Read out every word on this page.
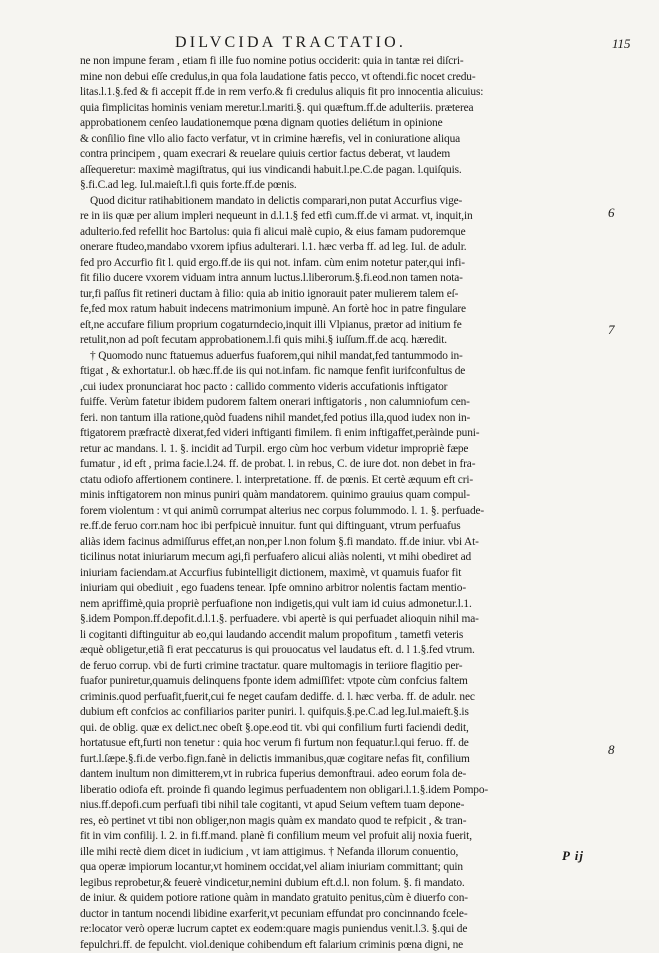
DILVCIDA TRACTATIO.	115
ne non impune feram , etiam fi ille fuo nomine potius occiderit: quia in tantæ rei diſcri-
mine non debui eſſe credulus,in qua fola laudatione fatis pecco, vt oftendi.fic nocet credu-
litas.l.1.§.fed & fi accepit ff.de in rem verfo.& fi credulus aliquis fit pro innocentia alicuius:
quia fimplicitas hominis veniam meretur.l.mariti.§. qui quæftum.ff.de adulteriis. præterea
approbationem cenſeo laudationemque pœna dignam quoties deliétum in opinione
& conſilio fine vllo alio facto verfatur, vt in crimine hærefis, vel in coniuratione aliqua
contra principem , quam execrari & reuelare quiuis certior factus deberat, vt laudem
aſſequeretur: maximè magiſtratus, qui ius vindicandi habuit.l.pe.C.de pagan. l.quiſquis.
§.fi.C.ad leg. Iul.maieſt.l.fi quis forte.ff.de pœnis.
Quod dicitur ratihabitionem mandato in delictis comparari,non putat Accurfius vige-
re in iis quæ per alium impleri nequeunt in d.l.1.§ fed etfi cum.ff.de vi armat. vt, inquit,in
adulterio.fed refellit hoc Bartolus: quia fi alicui malè cupio, & eius famam pudoremque
onerare ftudeo,mandabo vxorem ipfius adulterari. l.1. hæc verba ff. ad leg. Iul. de adulr.
fed pro Accurfio fit l. quid ergo.ff.de iis qui not. infam. cùm enim notetur pater,qui infi-
fit filio ducere vxorem viduam intra annum luctus.l.liberorum.§.fi.eod.non tamen nota-
tur,fi paſſus fit retineri ductam à filio: quia ab initio ignorauit pater mulierem talem eſ-
fe,fed mox ratum habuit indecens matrimonium impunè. An fortè hoc in patre fingulare
eſt,ne accufare filium proprium cogaturndecio,inquit illi Vlpianus, prætor ad initium fe
retulit,non ad poſt fecutam approbationem.l.fi quis mihi.§ iuſſum.ff.de acq. hæredit.
† Quomodo nunc ftatuemus aduerfus fuaforem,qui nihil mandat,fed tantummodo in-
ftigat , & exhortatur.l. ob hæc.ff.de iis qui not.infam. fic namque fenfit iurifconfultus de
,cui iudex pronunciarat hoc pacto : callido commento videris accufationis inftigator
fuiffe. Verùm fatetur ibidem pudorem faltem onerari inftigatoris , non calumniofum cen-
feri. non tantum illa ratione,quòd fuadens nihil mandet,fed potius illa,quod iudex non in-
ftigatorem præfractè dixerat,fed videri inftiganti fimilem. fi enim inftigaffet,peràinde puni-
retur ac mandans. l. 1. §. incidit ad Turpil. ergo cùm hoc verbum videtur impropriè fæpe
fumatur , id eft , prima facie.l.24. ff. de probat. l. in rebus, C. de iure dot. non debet in fra-
ctatu odiofo affertionem continere. l. interpretatione. ff. de pœnis. Et certè æquum eft cri-
minis inftigatorem non minus puniri quàm mandatorem. quinimo grauius quam compul-
forem violentum : vt qui animũ corrumpat alterius nec corpus folummodo. l. 1. §. perfuade-
re.ff.de feruo corr.nam hoc ibi perfpicuè innuitur. funt qui diftinguant, vtrum perfuafus
aliàs idem facinus admiſſurus effet,an non,per l.non folum §.fi mandato. ff.de iniur. vbi At-
ticilinus notat iniuriarum mecum agi,fi perfuafero alicui aliàs nolenti, vt mihi obediret ad
iniuriam faciendam.at Accurfius fubintelligit dictionem, maximè, vt quamuis fuafor fit
iniuriam qui obediuit , ego fuadens tenear. Ipfe omnino arbitror nolentis factam mentio-
nem apriffimè,quia propriè perfuafione non indigetis,qui vult iam id cuius admonetur.l.1.
§.idem Pompon.ff.depofit.d.l.1.§. perfuadere. vbi apertè is qui perfuadet alioquin nihil ma-
li cogitanti diftinguitur ab eo,qui laudando accendit malum propofitum , tametfi veteris
æquè obligetur,etiã fi erat peccaturus is qui prouocatus vel laudatus eft. d. l 1.§.fed vtrum.
de feruo corrup. vbi de furti crimine tractatur. quare multomagis in teriiore flagitio per-
fuafor puniretur,quamuis delinquens fponte idem admiſſifet: vtpote cùm confcius faltem
criminis.quod perfuafit,fuerit,cui fe neget caufam dediffe. d. l. hæc verba. ff. de adulr. nec
dubium eft confcios ac confiliarios pariter puniri. l. quifquis.§.pe.C.ad leg.Iul.maieft.§.is
qui. de oblig. quæ ex delict.nec obeſt §.ope.eod tit. vbi qui confilium furti faciendi dedit,
hortatusue eft,furti non tenetur : quia hoc verum fi furtum non fequatur.l.qui feruo. ff. de
furt.l.ſæpe.§.fi.de verbo.fign.fanè in delictis immanibus,quæ cogitare nefas fit, confilium
dantem inultum non dimitterem,vt in rubrica fuperius demonftraui. adeo eorum fola de-
liberatio odiofa eft. proinde fi quando legimus perfuadentem non obligari.l.1.§.idem Pompo-
nius.ff.depofi.cum perfuafi tibi nihil tale cogitanti, vt apud Seium veftem tuam depone-
res, eò pertinet vt tibi non obliger,non magis quàm ex mandato quod te refpicit , & tran-
fit in vim confilij. l. 2. in fi.ff.mand. planè fi confilium meum vel profuit alij noxia fuerit,
ille mihi rectè diem dicet in iudicium , vt iam attigimus. † Nefanda illorum conuentio,
qua operæ impiorum locantur,vt hominem occidat,vel aliam iniuriam committant; quin
legibus reprobetur,& feuerè vindicetur,nemini dubium eft.d.l. non folum. §. fi mandato.
de iniur. & quidem potiore ratione quàm in mandato gratuito penitus,cùm è diuerfo con-
ductor in tantum nocendi libidine exarferit,vt pecuniam effundat pro concinnando fcele-
re:locator verò operæ lucrum captet ex eodem:quare magis puniendus venit.l.3. §.qui de
fepulchri.ff. de fepulcht. viol.denique cohibendum eft falarium criminis pœna digni, ne
6
7
8
P ij
